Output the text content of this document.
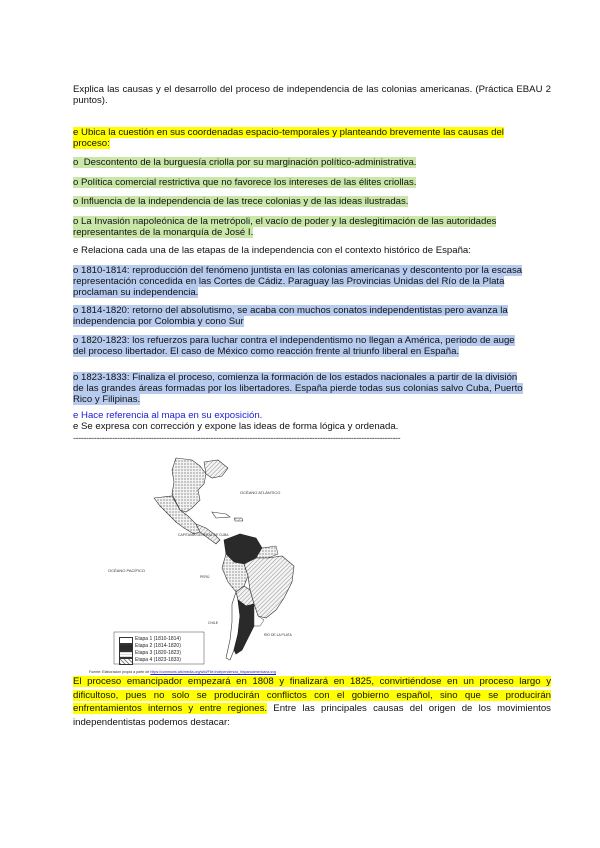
Explica las causas y el desarrollo del proceso de independencia de las colonias americanas. (Práctica EBAU 2 puntos).

e Ubica la cuestión en sus coordenadas espacio-temporales y planteando brevemente las causas del proceso:

o Descontento de la burguesía criolla por su marginación político-administrativa.

o Política comercial restrictiva que no favorece los intereses de las élites criollas.

o Influencia de la independencia de las trece colonias y de las ideas ilustradas.

o La Invasión napoleónica de la metrópoli, el vacío de poder y la deslegitimación de las autoridades representantes de la monarquía de José I.

e Relaciona cada una de las etapas de la independencia con el contexto histórico de España:

o 1810-1814: reproducción del fenómeno juntista en las colonias americanas y descontento por la escasa representación concedida en las Cortes de Cádiz. Paraguay las Provincias Unidas del Río de la Plata proclaman su independencia.

o 1814-1820: retorno del absolutismo, se acaba con muchos conatos independentistas pero avanza la independencia por Colombia y cono Sur

o 1820-1823: los refuerzos para luchar contra el independentismo no llegan a América, periodo de auge del proceso libertador. El caso de México como reacción frente al triunfo liberal en España.

o 1823-1833: Finaliza el proceso, comienza la formación de los estados nacionales a partir de la división de las grandes áreas formadas por los libertadores. España pierde todas sus colonias salvo Cuba, Puerto Rico y Filipinas.

e Hace referencia al mapa en su exposición.

e Se expresa con corrección y expone las ideas de forma lógica y ordenada.

------------------------------------------------------------------------------------------------------------------------------
OCÉANO ATLÁNTICO
OCÉANO PACÍFICO
CAPITANÍA GENERAL DE CUBA
PERÚ
CHILE
RÍO DE LA PLATA
Etapa 1 (1810-1814)
Etapa 2 (1814-1820)
Etapa 3 (1820-1823)
Etapa 4 (1823-1833)
Fuente: Elaboración propia a partir de https://commons.wikimedia.org/wiki/File:Independencia_hispanoamericana.svg

El proceso emancipador empezará en 1808 y finalizará en 1825, convirtiéndose en un proceso largo y dificultoso, pues no solo se producirán conflictos con el gobierno español, sino que se producirán enfrentamientos internos y entre regiones. Entre las principales causas del origen de los movimientos independentistas podemos destacar:
